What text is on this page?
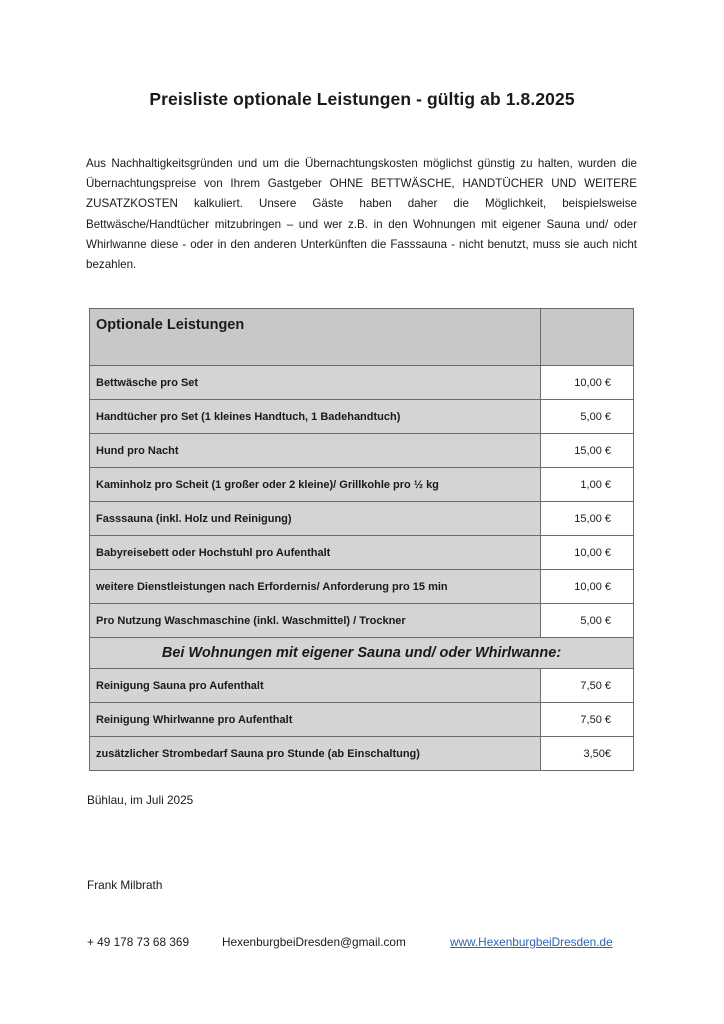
Preisliste optionale Leistungen - gültig ab 1.8.2025
Aus Nachhaltigkeitsgründen und um die Übernachtungskosten möglichst günstig zu halten, wurden die Übernachtungspreise von Ihrem Gastgeber OHNE BETTWÄSCHE, HANDTÜCHER UND WEITERE ZUSATZKOSTEN kalkuliert. Unsere Gäste haben daher die Möglichkeit, beispielsweise Bettwäsche/Handtücher mitzubringen – und wer z.B. in den Wohnungen mit eigener Sauna und/ oder Whirlwanne diese - oder in den anderen Unterkünften die Fasssauna - nicht benutzt, muss sie auch nicht bezahlen.
Optionale Leistungen	
Bettwäsche pro Set	10,00 €
Handtücher pro Set (1 kleines Handtuch, 1 Badehandtuch)	5,00 €
Hund pro Nacht	15,00 €
Kaminholz pro Scheit (1 großer oder 2 kleine)/ Grillkohle pro ½ kg	1,00 €
Fasssauna (inkl. Holz und Reinigung)	15,00 €
Babyreisebett oder Hochstuhl pro Aufenthalt	10,00 €
weitere Dienstleistungen nach Erfordernis/ Anforderung pro 15 min	10,00 €
Pro Nutzung Waschmaschine (inkl. Waschmittel) / Trockner	5,00 €
Bei Wohnungen mit eigener Sauna und/ oder Whirlwanne:	
Reinigung Sauna pro Aufenthalt	7,50 €
Reinigung Whirlwanne pro Aufenthalt	7,50 €
zusätzlicher Strombedarf Sauna pro Stunde (ab Einschaltung)	3,50€
Bühlau, im Juli 2025
Frank Milbrath
+ 49 178 73 68 369	HexenburgbeiDresden@gmail.com	www.HexenburgbeiDresden.de
